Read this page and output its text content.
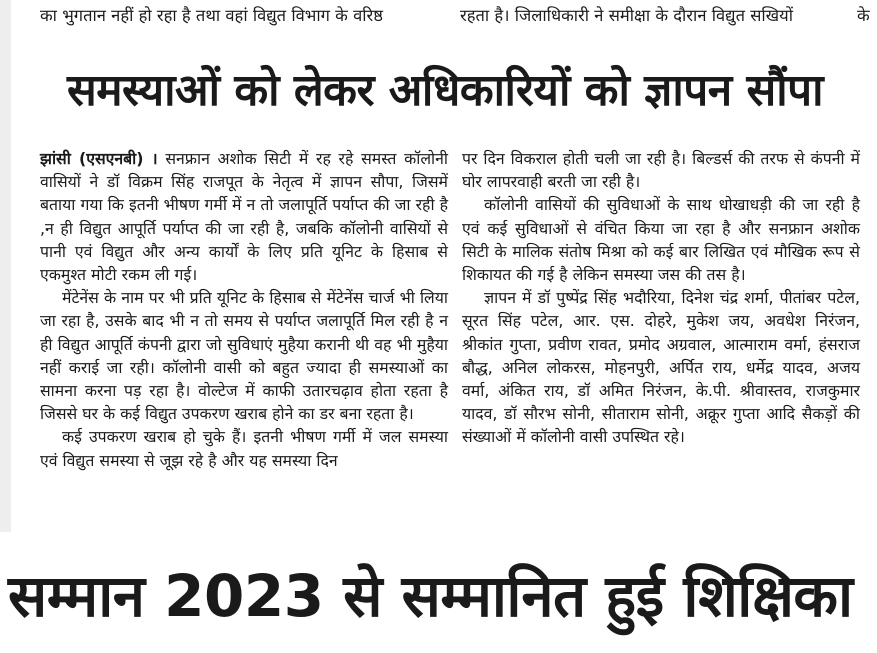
का भुगतान नहीं हो रहा है तथा वहां विद्युत विभाग के वरिष्ठ	रहता है। जिलाधिकारी ने समीक्षा के दौरान विद्युत सखियों	के
समस्याओं को लेकर अधिकारियों को ज्ञापन सौंपा

झांसी (एसएनबी) । सनफ्रान अशोक सिटी में रह रहे समस्त कॉलोनी वासियों ने डॉ विक्रम सिंह राजपूत के नेतृत्व में ज्ञापन सौपा, जिसमें बताया गया कि इतनी भीषण गर्मी में न तो जलापूर्ति पर्याप्त की जा रही है ,न ही विद्युत आपूर्ति पर्याप्त की जा रही है, जबकि कॉलोनी वासियों से पानी एवं विद्युत और अन्य कार्यों के लिए प्रति यूनिट के हिसाब से एकमुश्त मोटी रकम ली गई।

मेंटेनेंस के नाम पर भी प्रति यूनिट के हिसाब से मेंटेनेंस चार्ज भी लिया जा रहा है, उसके बाद भी न तो समय से पर्याप्त जलापूर्ति मिल रही है न ही विद्युत आपूर्ति कंपनी द्वारा जो सुविधाएं मुहैया करानी थी वह भी मुहैया नहीं कराई जा रही। कॉलोनी वासी को बहुत ज्यादा ही समस्याओं का सामना करना पड़ रहा है। वोल्टेज में काफी उतारचढ़ाव होता रहता है जिससे घर के कई विद्युत उपकरण खराब होने का डर बना रहता है।

कई उपकरण खराब हो चुके हैं। इतनी भीषण गर्मी में जल समस्या एवं विद्युत समस्या से जूझ रहे है और यह समस्या दिन

पर दिन विकराल होती चली जा रही है। बिल्डर्स की तरफ से कंपनी में घोर लापरवाही बरती जा रही है।

कॉलोनी वासियों की सुविधाओं के साथ धोखाधड़ी की जा रही है एवं कई सुविधाओं से वंचित किया जा रहा है और सनफ्रान अशोक सिटी के मालिक संतोष मिश्रा को कई बार लिखित एवं मौखिक रूप से शिकायत की गई है लेकिन समस्या जस की तस है।

ज्ञापन में डॉ पुष्पेंद्र सिंह भदौरिया, दिनेश चंद्र शर्मा, पीतांबर पटेल, सूरत सिंह पटेल, आर. एस. दोहरे, मुकेश जय, अवधेश निरंजन, श्रीकांत गुप्ता, प्रवीण रावत, प्रमोद अग्रवाल, आत्माराम वर्मा, हंसराज बौद्ध, अनिल लोकरस, मोहनपुरी, अर्पित राय, धर्मेद्र यादव, अजय वर्मा, अंकित राय, डॉ अमित निरंजन, के.पी. श्रीवास्तव, राजकुमार यादव, डॉ सौरभ सोनी, सीताराम सोनी, अक्रूर गुप्ता आदि सैकड़ों की संख्याओं में कॉलोनी वासी उपस्थित रहे।

सम्मान 2023 से सम्मानित हुई शिक्षिका
